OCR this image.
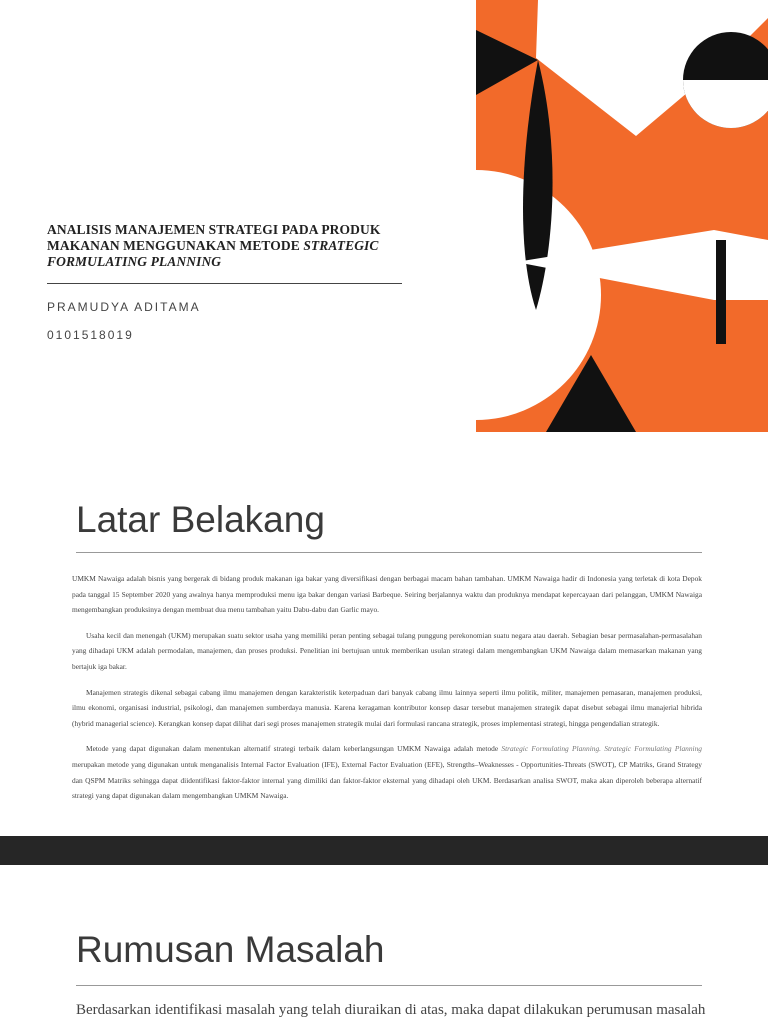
ANALISIS MANAJEMEN STRATEGI PADA PRODUK MAKANAN MENGGUNAKAN METODE STRATEGIC FORMULATING PLANNING
PRAMUDYA ADITAMA
0101518019
Latar Belakang

UMKM Nawaiga adalah bisnis yang bergerak di bidang produk makanan iga bakar yang diversifikasi dengan berbagai macam bahan tambahan. UMKM Nawaiga hadir di Indonesia yang terletak di kota Depok pada tanggal 15 September 2020 yang awalnya hanya memproduksi menu iga bakar dengan variasi Barbeque. Seiring berjalannya waktu dan produknya mendapat kepercayaan dari pelanggan, UMKM Nawaiga mengembangkan produksinya dengan membuat dua menu tambahan yaitu Dabu-dabu dan Garlic mayo.

Usaha kecil dan menengah (UKM) merupakan suatu sektor usaha yang memiliki peran penting sebagai tulang punggung perekonomian suatu negara atau daerah. Sebagian besar permasalahan-permasalahan yang dihadapi UKM adalah permodalan, manajemen, dan proses produksi. Penelitian ini bertujuan untuk memberikan usulan strategi dalam mengembangkan UKM Nawaiga dalam memasarkan makanan yang bertajuk iga bakar.

Manajemen strategis dikenal sebagai cabang ilmu manajemen dengan karakteristik keterpaduan dari banyak cabang ilmu lainnya seperti ilmu politik, militer, manajemen pemasaran, manajemen produksi, ilmu ekonomi, organisasi industrial, psikologi, dan manajemen sumberdaya manusia. Karena keragaman kontributor konsep dasar tersebut manajemen strategik dapat disebut sebagai ilmu manajerial hibrida (hybrid managerial science). Kerangkan konsep dapat dilihat dari segi proses manajemen strategik mulai dari formulasi rancana strategik, proses implementasi strategi, hingga pengendalian strategik.

Metode yang dapat digunakan dalam menentukan alternatif strategi terbaik dalam keberlangsungan UMKM Nawaiga adalah metode Strategic Formulating Planning. Strategic Formulating Planning merupakan metode yang digunakan untuk menganalisis Internal Factor Evaluation (IFE), External Factor Evaluation (EFE), Strengths–Weaknesses - Opportunities-Threats (SWOT), CP Matriks, Grand Strategy dan QSPM Matriks sehingga dapat diidentifikasi faktor-faktor internal yang dimiliki dan faktor-faktor eksternal yang dihadapi oleh UKM. Berdasarkan analisa SWOT, maka akan diperoleh beberapa alternatif strategi yang dapat digunakan dalam mengembangkan UMKM Nawaiga.

Rumusan Masalah
Berdasarkan identifikasi masalah yang telah diuraikan di atas, maka dapat dilakukan perumusan masalah
